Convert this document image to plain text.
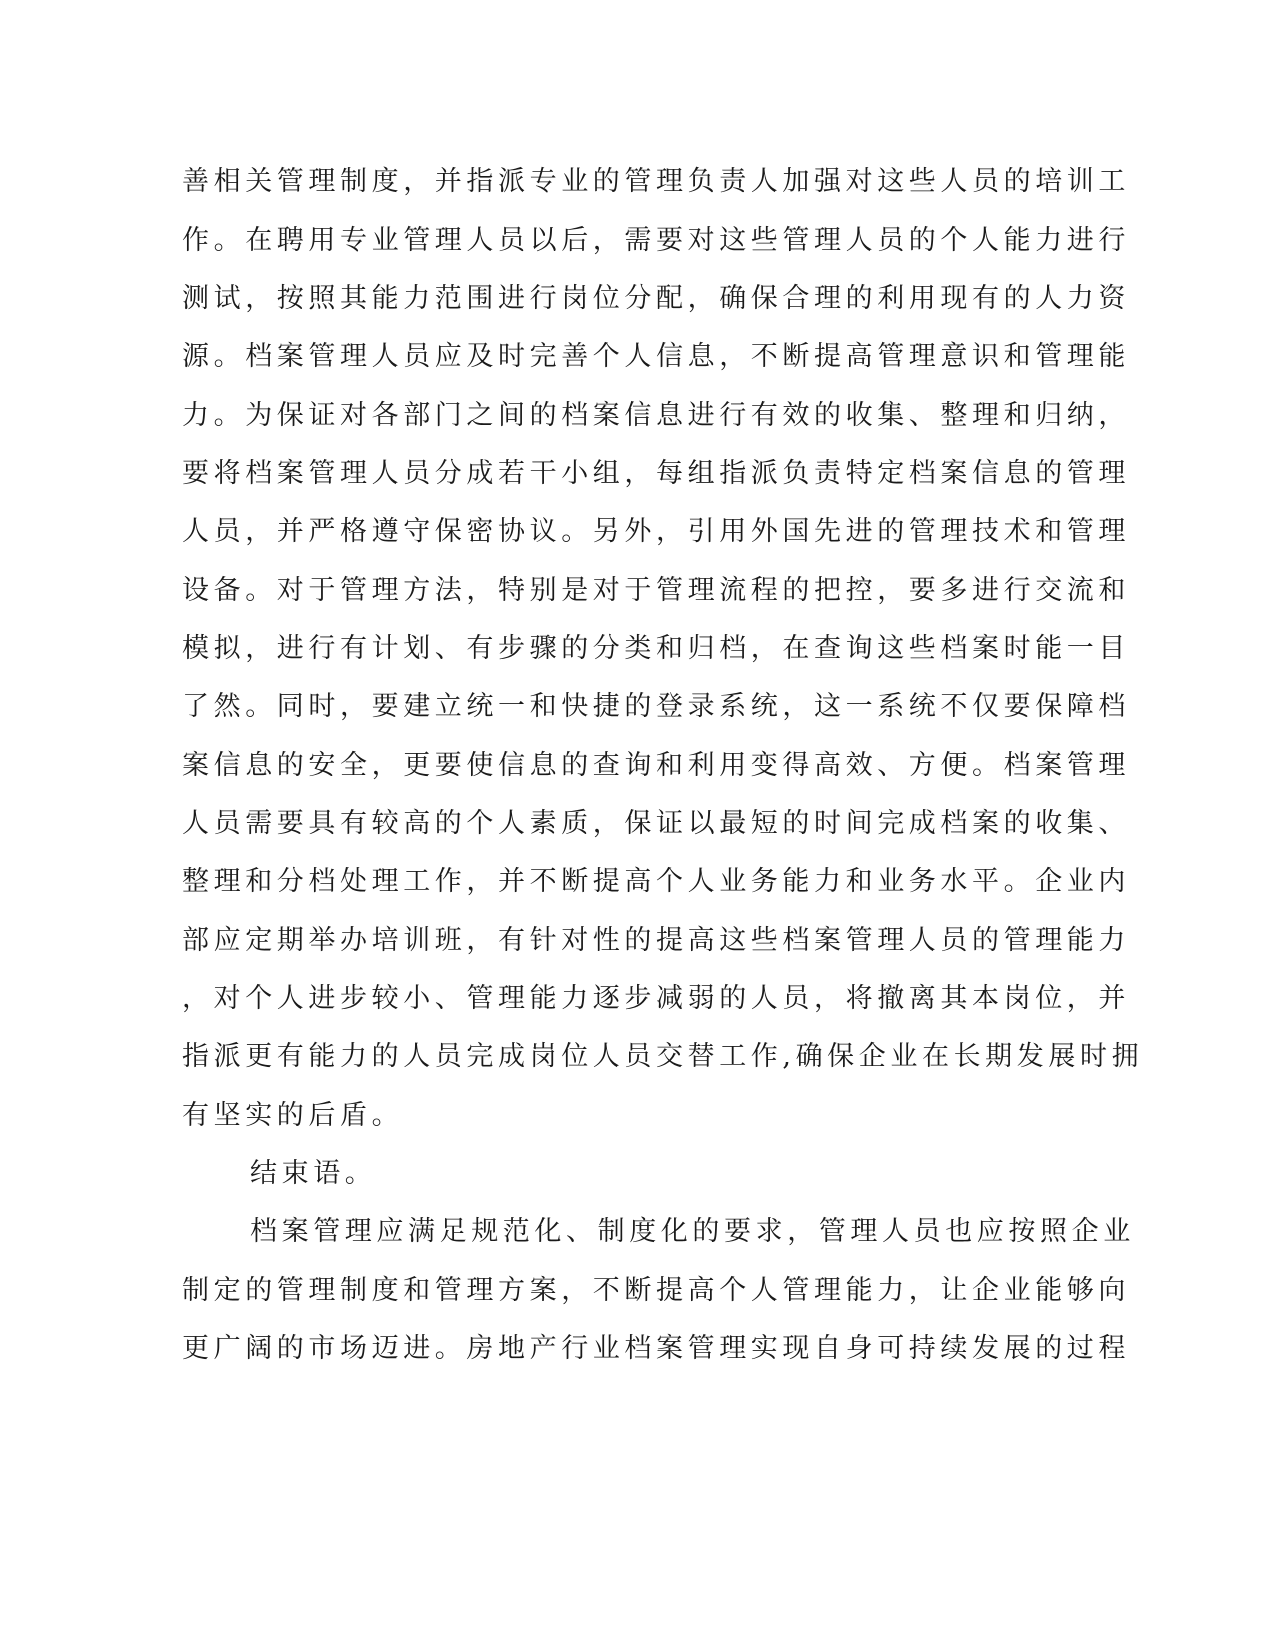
善相关管理制度，并指派专业的管理负责人加强对这些人员的培训工
作。在聘用专业管理人员以后，需要对这些管理人员的个人能力进行
测试，按照其能力范围进行岗位分配，确保合理的利用现有的人力资
源。档案管理人员应及时完善个人信息，不断提高管理意识和管理能
力。为保证对各部门之间的档案信息进行有效的收集、整理和归纳，
要将档案管理人员分成若干小组，每组指派负责特定档案信息的管理
人员，并严格遵守保密协议。另外，引用外国先进的管理技术和管理
设备。对于管理方法，特别是对于管理流程的把控，要多进行交流和
模拟，进行有计划、有步骤的分类和归档，在查询这些档案时能一目
了然。同时，要建立统一和快捷的登录系统，这一系统不仅要保障档
案信息的安全，更要使信息的查询和利用变得高效、方便。档案管理
人员需要具有较高的个人素质，保证以最短的时间完成档案的收集、
整理和分档处理工作，并不断提高个人业务能力和业务水平。企业内
部应定期举办培训班，有针对性的提高这些档案管理人员的管理能力
，对个人进步较小、管理能力逐步减弱的人员，将撤离其本岗位，并
指派更有能力的人员完成岗位人员交替工作,确保企业在长期发展时拥
有坚实的后盾。
结束语。
档案管理应满足规范化、制度化的要求，管理人员也应按照企业
制定的管理制度和管理方案，不断提高个人管理能力，让企业能够向
更广阔的市场迈进。房地产行业档案管理实现自身可持续发展的过程
